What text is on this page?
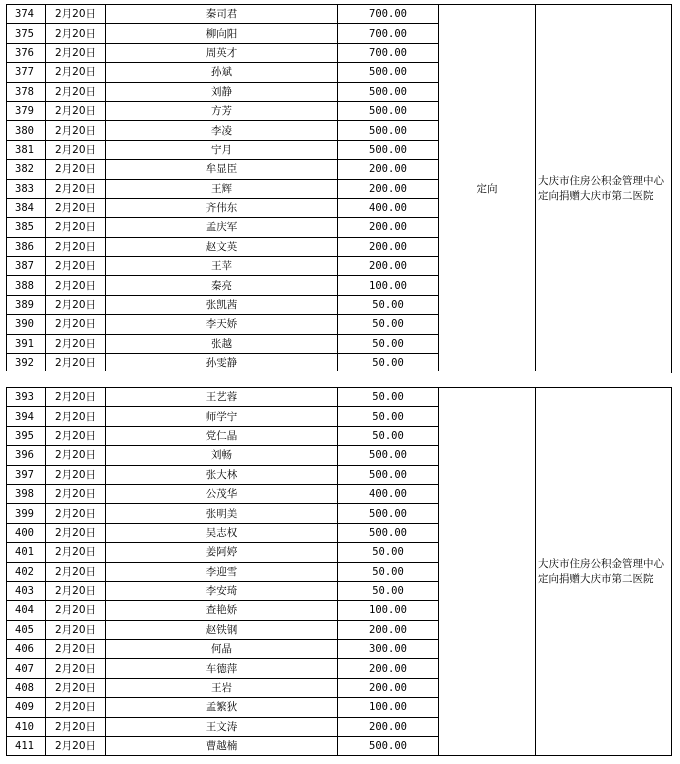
374	2月20日	秦司君	700.00	定向	大庆市住房公积金管理中心定向捐赠大庆市第二医院
375	2月20日	柳向阳	700.00		
376	2月20日	周英才	700.00		
377	2月20日	孙斌	500.00		
378	2月20日	刘静	500.00		
379	2月20日	方芳	500.00		
380	2月20日	李凌	500.00		
381	2月20日	宁月	500.00		
382	2月20日	牟显臣	200.00		
383	2月20日	王辉	200.00		
384	2月20日	齐伟东	400.00		
385	2月20日	孟庆军	200.00		
386	2月20日	赵文英	200.00		
387	2月20日	王苹	200.00		
388	2月20日	秦亮	100.00		
389	2月20日	张凯茜	50.00		
390	2月20日	李天娇	50.00		
391	2月20日	张越	50.00		
392	2月20日	孙雯静	50.00		
393	2月20日	王艺蓉	50.00		大庆市住房公积金管理中心定向捐赠大庆市第二医院
394	2月20日	师学宁	50.00		
395	2月20日	党仁晶	50.00		
396	2月20日	刘畅	500.00		
397	2月20日	张大林	500.00		
398	2月20日	公茂华	400.00		
399	2月20日	张明美	500.00		
400	2月20日	吴志权	500.00		
401	2月20日	姜阿婷	50.00		
402	2月20日	李迎雪	50.00		
403	2月20日	李安琦	50.00		
404	2月20日	查艳娇	100.00		
405	2月20日	赵铁钢	200.00		
406	2月20日	何晶	300.00		
407	2月20日	车德萍	200.00		
408	2月20日	王岩	200.00		
409	2月20日	孟繁狄	100.00		
410	2月20日	王文涛	200.00		
411	2月20日	曹越楠	500.00		
